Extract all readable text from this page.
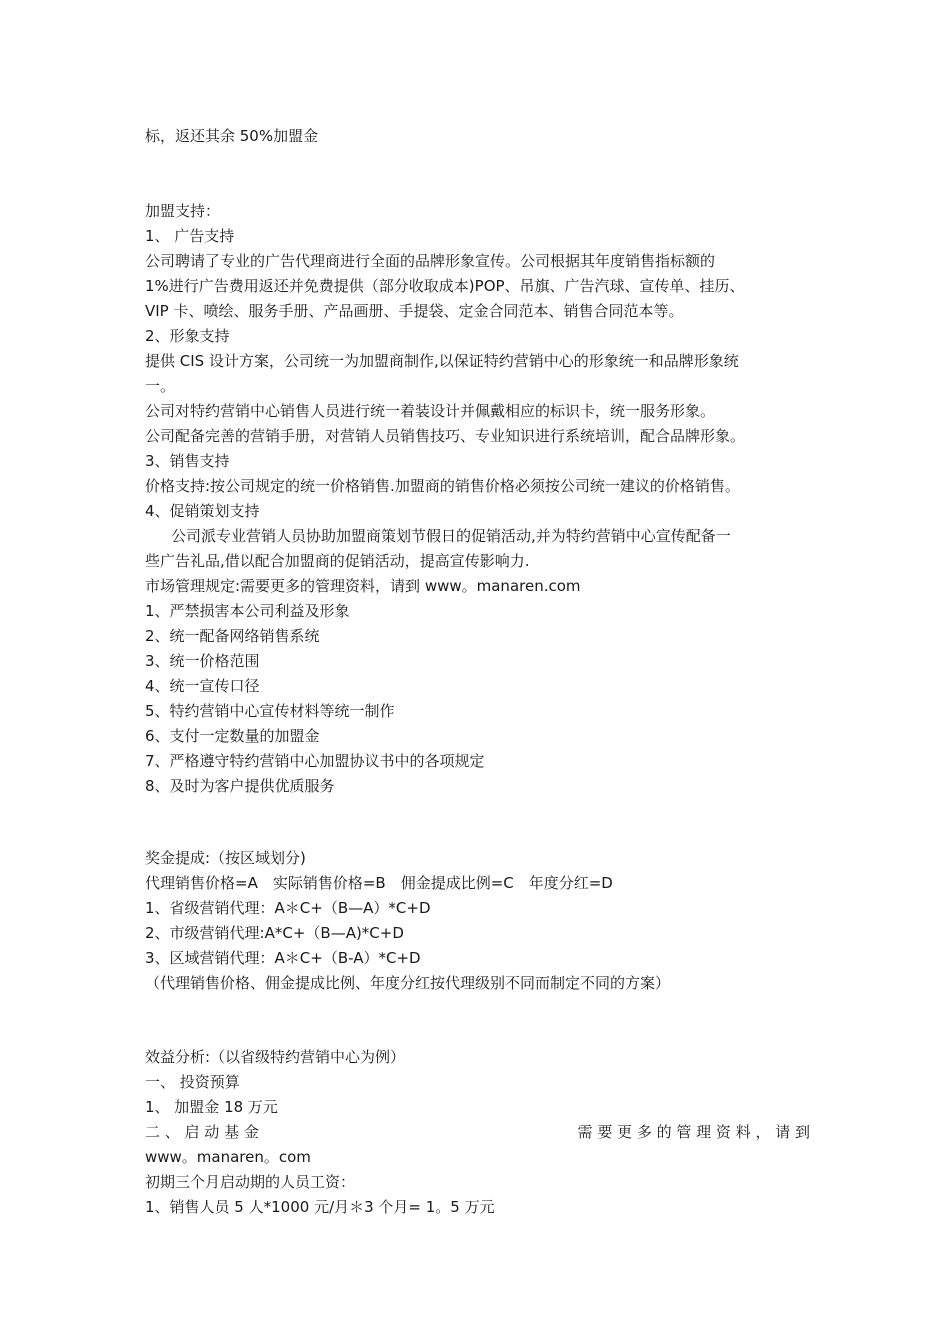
标，返还其余 50%加盟金
加盟支持：
1、 广告支持
公司聘请了专业的广告代理商进行全面的品牌形象宣传。公司根据其年度销售指标额的
1%进行广告费用返还并免费提供（部分收取成本)POP、吊旗、广告汽球、宣传单、挂历、
VIP 卡、喷绘、服务手册、产品画册、手提袋、定金合同范本、销售合同范本等。
2、形象支持
提供 CIS 设计方案，公司统一为加盟商制作,以保证特约营销中心的形象统一和品牌形象统
一。
公司对特约营销中心销售人员进行统一着装设计并佩戴相应的标识卡，统一服务形象。
公司配备完善的营销手册，对营销人员销售技巧、专业知识进行系统培训，配合品牌形象。
3、销售支持
价格支持:按公司规定的统一价格销售.加盟商的销售价格必须按公司统一建议的价格销售。
4、促销策划支持
公司派专业营销人员协助加盟商策划节假日的促销活动,并为特约营销中心宣传配备一
些广告礼品,借以配合加盟商的促销活动，提高宣传影响力.
市场管理规定:需要更多的管理资料，请到 www。manaren.com
1、严禁损害本公司利益及形象
2、统一配备网络销售系统
3、统一价格范围
4、统一宣传口径
5、特约营销中心宣传材料等统一制作
6、支付一定数量的加盟金
7、严格遵守特约营销中心加盟协议书中的各项规定
8、及时为客户提供优质服务
奖金提成:（按区域划分)
代理销售价格=A　实际销售价格=B　佣金提成比例=C　年度分红=D
1、省级营销代理：A＊C+（B—A）*C+D
2、市级营销代理:A*C+（B—A)*C+D
3、区域营销代理：A＊C+（B-A）*C+D
（代理销售价格、佣金提成比例、年度分红按代理级别不同而制定不同的方案）
效益分析:（以省级特约营销中心为例）
一、 投资预算
1、 加盟金 18 万元
二 、 启 动 基 金	需 要 更 多 的 管 理 资 料 ， 请 到
www。manaren。com
初期三个月启动期的人员工资：
1、销售人员 5 人*1000 元/月＊3 个月= 1。5 万元
